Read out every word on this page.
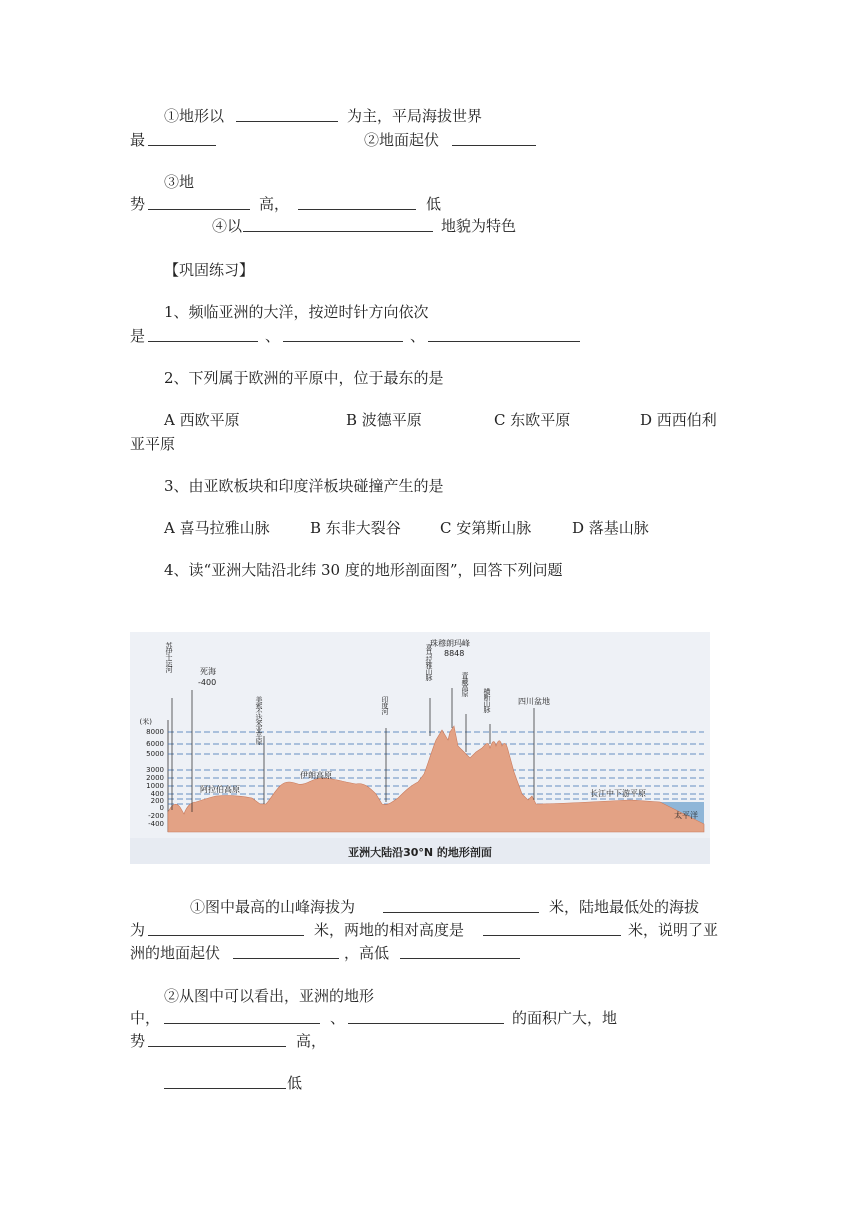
①地形以	为主，平局海拔世界
最	②地面起伏
③地
势	高，	低
④以	地貌为特色
【巩固练习】
1、频临亚洲的大洋，按逆时针方向依次
是	、	、
2、下列属于欧洲的平原中，位于最东的是
A 西欧平原	B 波德平原	C 东欧平原	D 西西伯利
亚平原
3、由亚欧板块和印度洋板块碰撞产生的是
A 喜马拉雅山脉	B 东非大裂谷	C 安第斯山脉	D 落基山脉
4、读“亚洲大陆沿北纬 30 度的地形剖面图”，回答下列问题
(米)
8000
6000
5000
3000
2000
1000
400
200
0
-200
-400
死海
-400
阿拉伯高原
伊朗高原
珠穆朗玛峰
8848
四川盆地
长江中下游平原
太平洋
亚洲大陆沿30°N 的地形剖面
苏伊士运河
美索不达米亚平原	印度河
喜马拉雅山脉
青藏高原
横断山脉
①图中最高的山峰海拔为	米，陆地最低处的海拔
为	米，两地的相对高度是	米，说明了亚
洲的地面起伏	，高低
②从图中可以看出，亚洲的地形
中，	、	的面积广大，地
势	高，
低
